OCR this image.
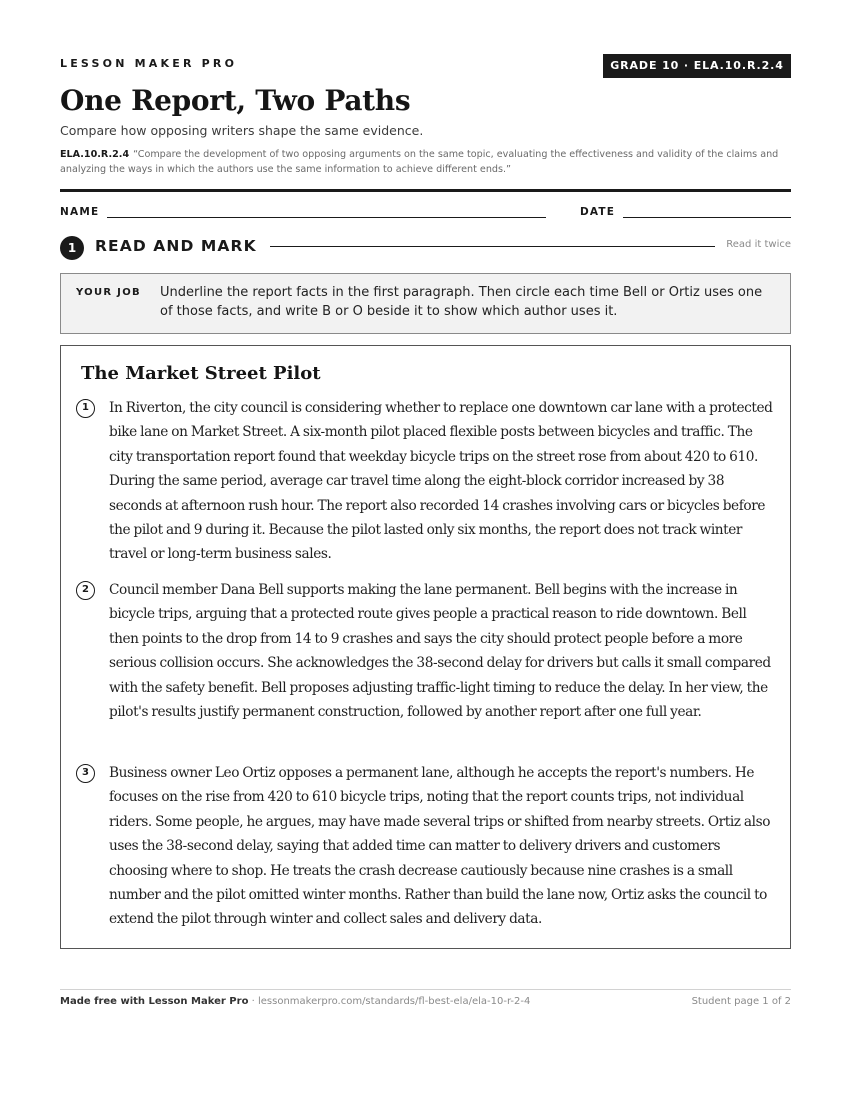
LESSON MAKER PRO	GRADE 10 · ELA.10.R.2.4
One Report, Two Paths
Compare how opposing writers shape the same evidence.
ELA.10.R.2.4 “Compare the development of two opposing arguments on the same topic, evaluating the effectiveness and validity of the claims and analyzing the ways in which the authors use the same information to achieve different ends.”
NAME	DATE
1	READ AND MARK	Read it twice
YOUR JOB Underline the report facts in the first paragraph. Then circle each time Bell or Ortiz uses one of those facts, and write B or O beside it to show which author uses it.
The Market Street Pilot
1	In Riverton, the city council is considering whether to replace one downtown car lane with a protected bike lane on Market Street. A six-month pilot placed flexible posts between bicycles and traffic. The city transportation report found that weekday bicycle trips on the street rose from about 420 to 610. During the same period, average car travel time along the eight-block corridor increased by 38 seconds at afternoon rush hour. The report also recorded 14 crashes involving cars or bicycles before the pilot and 9 during it. Because the pilot lasted only six months, the report does not track winter travel or long-term business sales.

2	Council member Dana Bell supports making the lane permanent. Bell begins with the increase in bicycle trips, arguing that a protected route gives people a practical reason to ride downtown. Bell then points to the drop from 14 to 9 crashes and says the city should protect people before a more serious collision occurs. She acknowledges the 38-second delay for drivers but calls it small compared with the safety benefit. Bell proposes adjusting traffic-light timing to reduce the delay. In her view, the pilot's results justify permanent construction, followed by another report after one full year.

3	Business owner Leo Ortiz opposes a permanent lane, although he accepts the report's numbers. He focuses on the rise from 420 to 610 bicycle trips, noting that the report counts trips, not individual riders. Some people, he argues, may have made several trips or shifted from nearby streets. Ortiz also uses the 38-second delay, saying that added time can matter to delivery drivers and customers choosing where to shop. He treats the crash decrease cautiously because nine crashes is a small number and the pilot omitted winter months. Rather than build the lane now, Ortiz asks the council to extend the pilot through winter and collect sales and delivery data.

Made free with Lesson Maker Pro · lessonmakerpro.com/standards/fl-best-ela/ela-10-r-2-4	Student page 1 of 2
